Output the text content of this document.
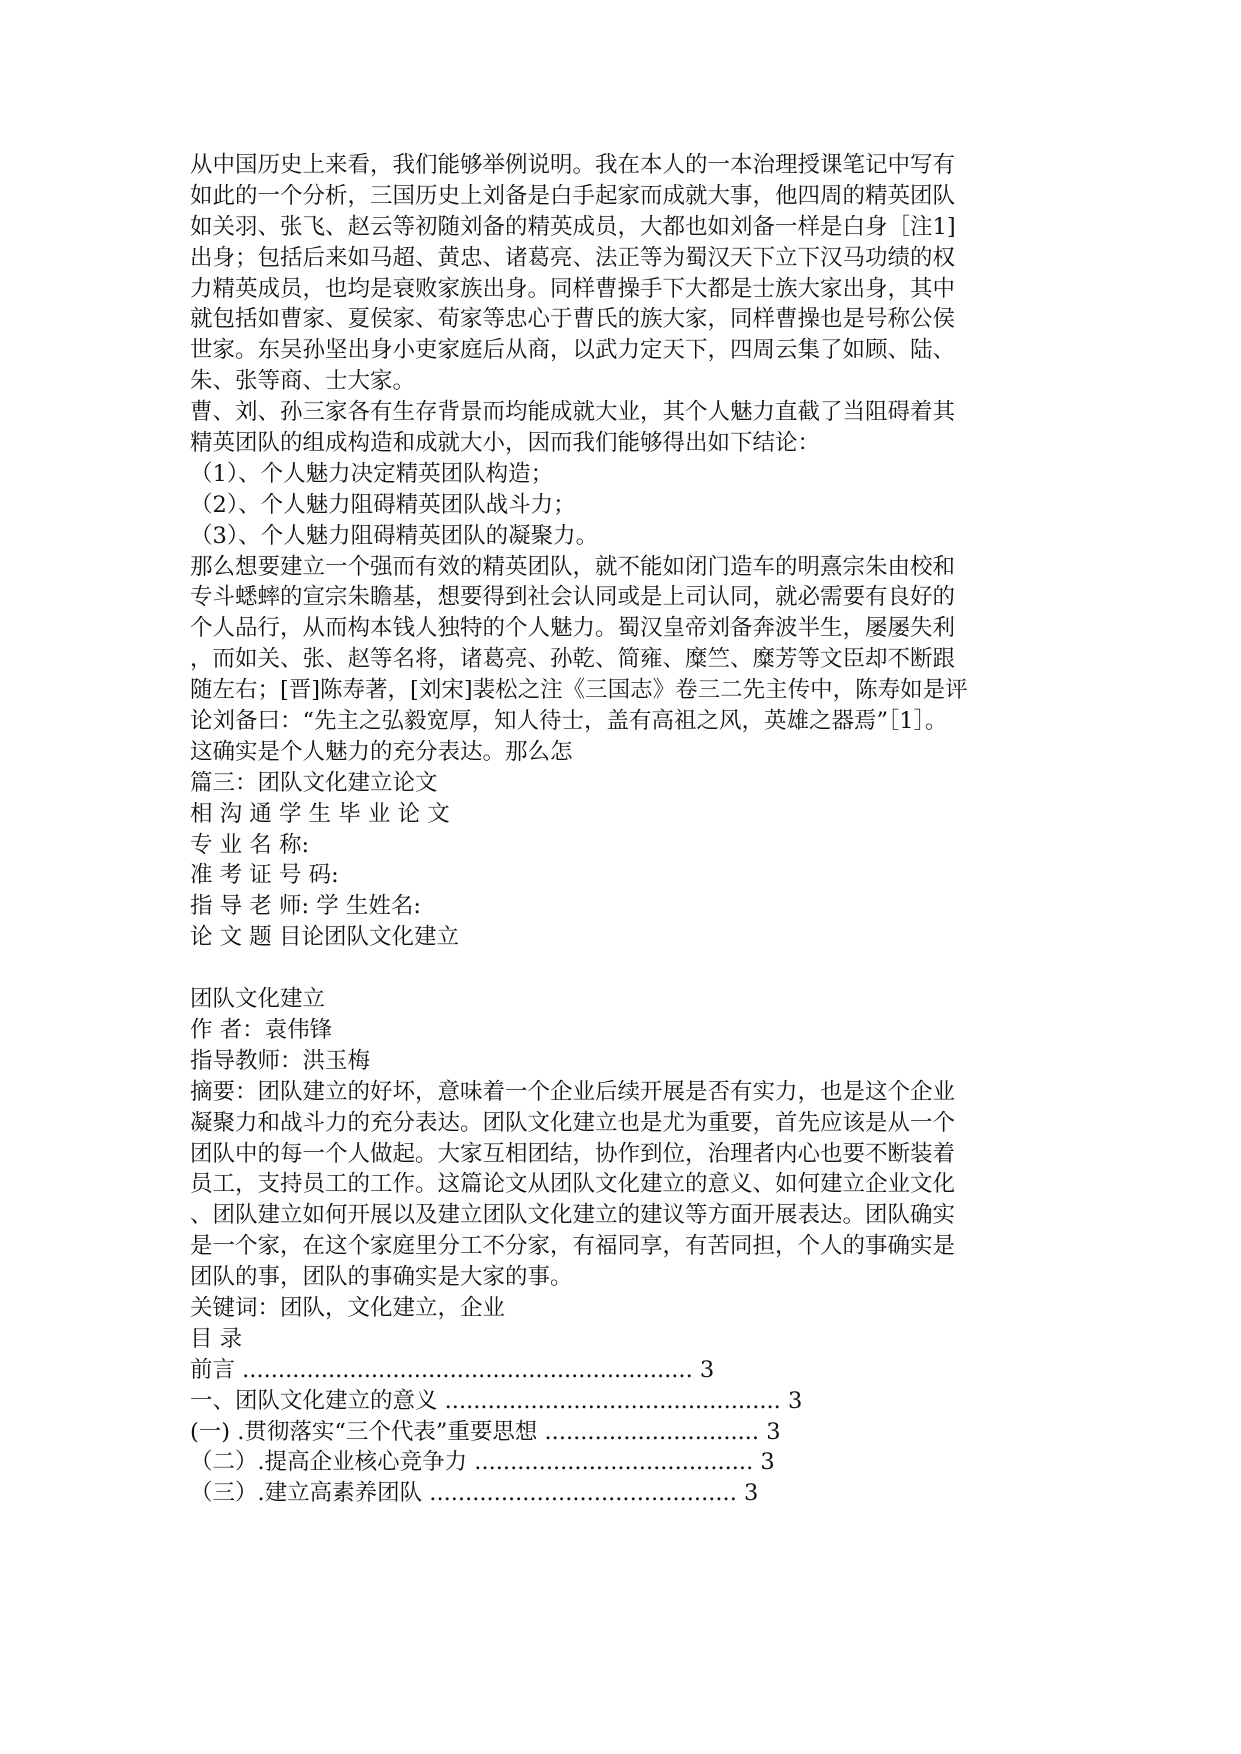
从中国历史上来看，我们能够举例说明。我在本人的一本治理授课笔记中写有
如此的一个分析，三国历史上刘备是白手起家而成就大事，他四周的精英团队
如关羽、张飞、赵云等初随刘备的精英成员，大都也如刘备一样是白身［注1]
出身；包括后来如马超、黄忠、诸葛亮、法正等为蜀汉天下立下汉马功绩的权
力精英成员，也均是衰败家族出身。同样曹操手下大都是士族大家出身，其中
就包括如曹家、夏侯家、荀家等忠心于曹氏的族大家，同样曹操也是号称公侯
世家。东吴孙坚出身小吏家庭后从商，以武力定天下，四周云集了如顾、陆、
朱、张等商、士大家。
曹、刘、孙三家各有生存背景而均能成就大业，其个人魅力直截了当阻碍着其
精英团队的组成构造和成就大小，因而我们能够得出如下结论：
（1）、个人魅力决定精英团队构造；
（2）、个人魅力阻碍精英团队战斗力；
（3）、个人魅力阻碍精英团队的凝聚力。
那么想要建立一个强而有效的精英团队，就不能如闭门造车的明熹宗朱由校和
专斗蟋蟀的宣宗朱瞻基，想要得到社会认同或是上司认同，就必需要有良好的
个人品行，从而构本钱人独特的个人魅力。蜀汉皇帝刘备奔波半生，屡屡失利
，而如关、张、赵等名将，诸葛亮、孙乾、简雍、糜竺、糜芳等文臣却不断跟
随左右；[晋]陈寿著，[刘宋]裴松之注《三国志》卷三二先主传中，陈寿如是评
论刘备曰：“先主之弘毅宽厚，知人待士，盖有高祖之风，英雄之器焉”［1］。
这确实是个人魅力的充分表达。那么怎
篇三：团队文化建立论文
相 沟 通 学 生 毕 业 论 文
专 业 名 称:
准 考 证 号 码:
指 导 老 师: 学 生姓名:
论 文 题 目论团队文化建立
团队文化建立
作 者：袁伟锋
指导教师：洪玉梅
摘要：团队建立的好坏，意味着一个企业后续开展是否有实力，也是这个企业
凝聚力和战斗力的充分表达。团队文化建立也是尤为重要，首先应该是从一个
团队中的每一个人做起。大家互相团结，协作到位，治理者内心也要不断装着
员工，支持员工的工作。这篇论文从团队文化建立的意义、如何建立企业文化
、团队建立如何开展以及建立团队文化建立的建议等方面开展表达。团队确实
是一个家，在这个家庭里分工不分家，有福同享，有苦同担，个人的事确实是
团队的事，团队的事确实是大家的事。
关键词：团队，文化建立，企业
目 录
前言 ............................................................... 3
一、团队文化建立的意义 ............................................... 3
(一) .贯彻落实“三个代表”重要思想 .............................. 3
（二）.提高企业核心竞争力 ....................................... 3
（三）.建立高素养团队 ........................................... 3
